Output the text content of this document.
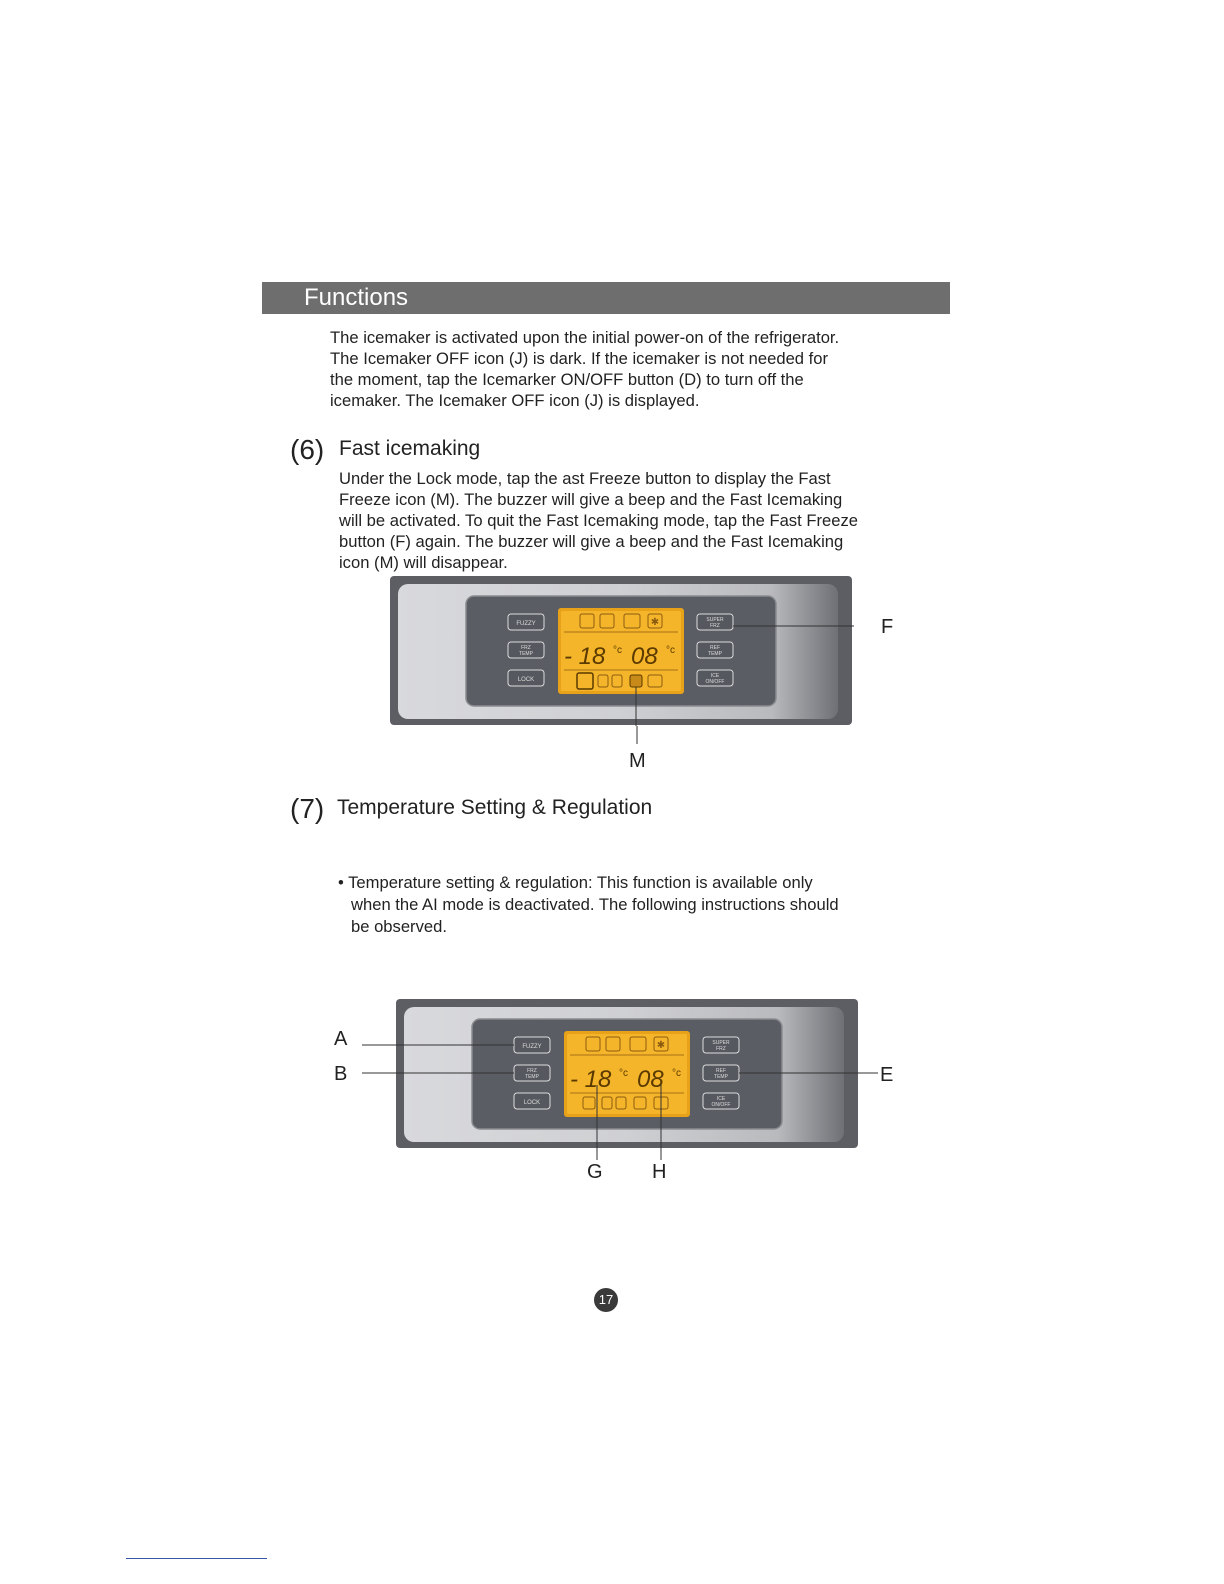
Functions
The icemaker is activated upon the initial power-on of the refrigerator.
The Icemaker OFF icon (J) is dark. If the icemaker is not needed for
the moment, tap the Icemarker ON/OFF button (D) to turn off the
icemaker. The Icemaker OFF icon (J) is displayed.
(6) Fast icemaking
Under the Lock mode, tap the ast Freeze button to display the Fast
Freeze icon (M). The buzzer will give a beep and the Fast Icemaking
will be activated. To quit the Fast Icemaking mode, tap the Fast Freeze
button (F) again. The buzzer will give a beep and the Fast Icemaking
icon (M) will disappear.
FUZZY
FRZ
TEMP
LOCK
SUPER
FRZ
REF
TEMP
ICE
ON/OFF
✱
- 18 °c 08 °c
F
M
(7) Temperature Setting & Regulation
• Temperature setting & regulation: This function is available only
when the AI mode is deactivated. The following instructions should
be observed.
FUZZY
FRZ
TEMP
LOCK
SUPER
FRZ
REF
TEMP
ICE
ON/OFF
✱
- 18 °c 08 °c
A
B	E
G H
17
